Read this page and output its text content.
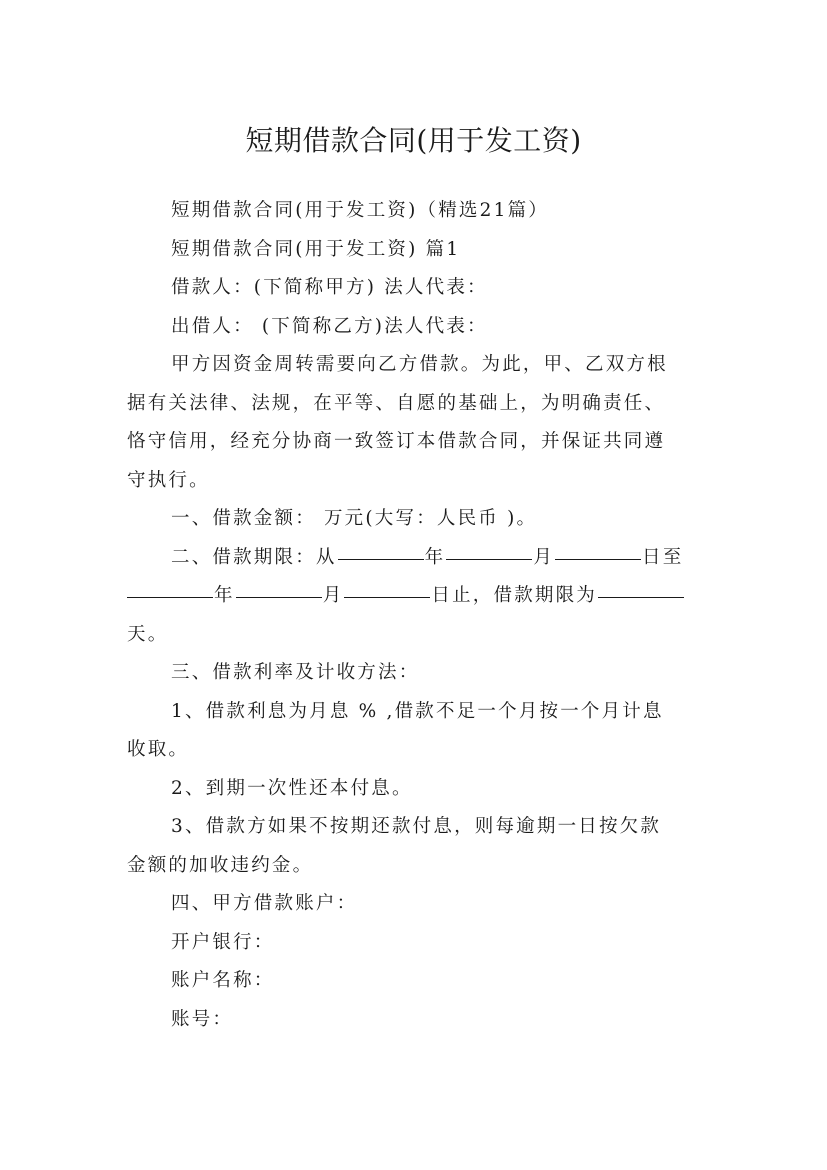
短期借款合同(用于发工资)

短期借款合同(用于发工资)（精选21篇）

短期借款合同(用于发工资) 篇1

借款人：(下简称甲方) 法人代表：

出借人： (下简称乙方)法人代表：

甲方因资金周转需要向乙方借款。为此，甲、乙双方根

据有关法律、法规，在平等、自愿的基础上，为明确责任、

恪守信用，经充分协商一致签订本借款合同，并保证共同遵

守执行。

一、借款金额： 万元(大写：人民币 )。

二、借款期限：从	年	月	日至

年	月	日止，借款期限为

天。

三、借款利率及计收方法：

1、借款利息为月息 % ,借款不足一个月按一个月计息

收取。

2、到期一次性还本付息。

3、借款方如果不按期还款付息，则每逾期一日按欠款

金额的加收违约金。

四、甲方借款账户：

开户银行：

账户名称：

账号：
